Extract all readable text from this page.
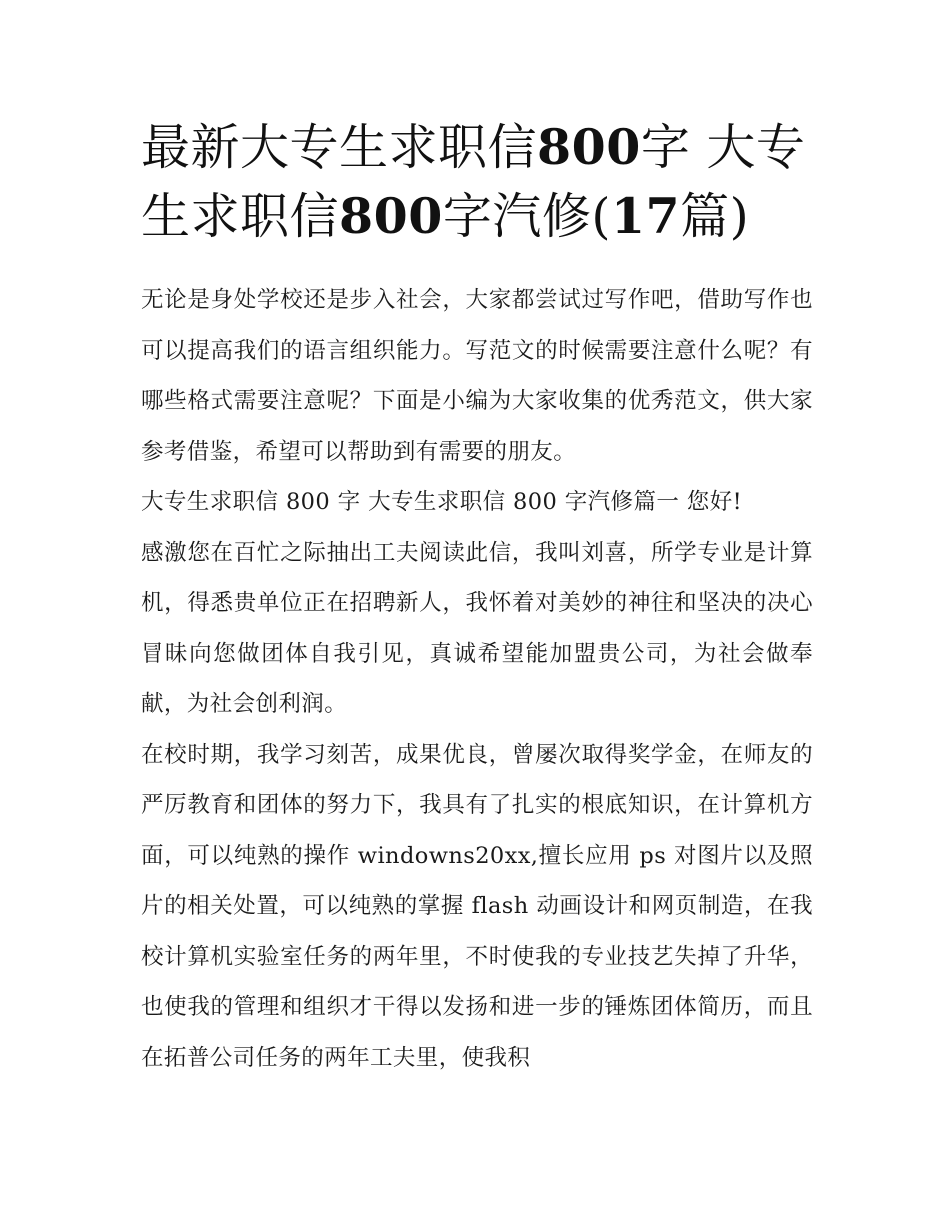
最新大专生求职信800字 大专生求职信800字汽修(17篇)

无论是身处学校还是步入社会，大家都尝试过写作吧，借助写作也可以提高我们的语言组织能力。写范文的时候需要注意什么呢？有哪些格式需要注意呢？下面是小编为大家收集的优秀范文，供大家参考借鉴，希望可以帮助到有需要的朋友。

大专生求职信 800 字 大专生求职信 800 字汽修篇一 您好!

感激您在百忙之际抽出工夫阅读此信，我叫刘喜，所学专业是计算机，得悉贵单位正在招聘新人，我怀着对美妙的神往和坚决的决心冒昧向您做团体自我引见，真诚希望能加盟贵公司，为社会做奉献，为社会创利润。

在校时期，我学习刻苦，成果优良，曾屡次取得奖学金，在师友的严厉教育和团体的努力下，我具有了扎实的根底知识，在计算机方面，可以纯熟的操作 windowns20xx,擅长应用 ps 对图片以及照片的相关处置，可以纯熟的掌握 flash 动画设计和网页制造，在我校计算机实验室任务的两年里，不时使我的专业技艺失掉了升华，也使我的管理和组织才干得以发扬和进一步的锤炼团体简历，而且在拓普公司任务的两年工夫里，使我积
